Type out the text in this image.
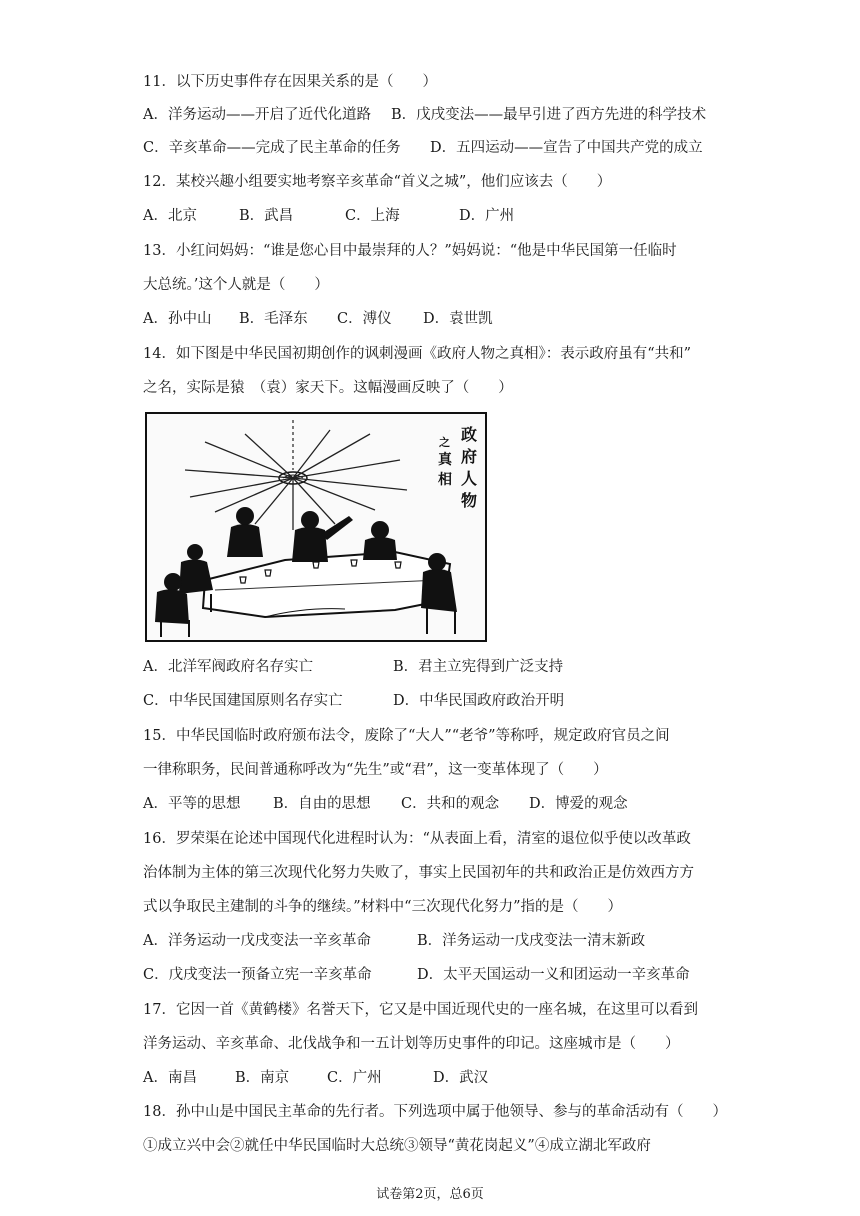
11．以下历史事件存在因果关系的是（　　）
A．洋务运动——开启了近代化道路	B．戊戌变法——最早引进了西方先进的科学技术
C．辛亥革命——完成了民主革命的任务	D．五四运动——宣告了中国共产党的成立
12．某校兴趣小组要实地考察辛亥革命“首义之城”，他们应该去（　　）
A．北京	B．武昌	C．上海	D．广州
13．小红问妈妈：“谁是您心目中最崇拜的人？”妈妈说：“他是中华民国第一任临时
大总统。’这个人就是（　　）
A．孙中山	B．毛泽东	C．溥仪	D．袁世凯
14．如下图是中华民国初期创作的讽刺漫画《政府人物之真相》：表示政府虽有“共和”
之名，实际是猿　（袁）家天下。这幅漫画反映了（　　）
政
府
人
物
之
真
相
A．北洋军阀政府名存实亡	B．君主立宪得到广泛支持
C．中华民国建国原则名存实亡	D．中华民国政府政治开明
15．中华民国临时政府颁布法令，废除了“大人”“老爷”等称呼，规定政府官员之间
一律称职务，民间普通称呼改为“先生”或“君”，这一变革体现了（　　）
A．平等的思想	B．自由的思想	C．共和的观念	D．博爱的观念
16．罗荣渠在论述中国现代化进程时认为：“从表面上看，清室的退位似乎使以改革政
治体制为主体的第三次现代化努力失败了，事实上民国初年的共和政治正是仿效西方方
式以争取民主建制的斗争的继续。”材料中“三次现代化努力”指的是（　　）
A．洋务运动一戊戌变法一辛亥革命	B．洋务运动一戊戌变法一清末新政
C．戊戌变法一预备立宪一辛亥革命	D．太平天国运动一义和团运动一辛亥革命
17．它因一首《黄鹤楼》名誉天下，它又是中国近现代史的一座名城，在这里可以看到
洋务运动、辛亥革命、北伐战争和一五计划等历史事件的印记。这座城市是（　　）
A．南昌	B．南京	C．广州	D．武汉
18．孙中山是中国民主革命的先行者。下列选项中属于他领导、参与的革命活动有（　　）
①成立兴中会②就任中华民国临时大总统③领导“黄花岗起义”④成立湖北军政府
试卷第2页，总6页
